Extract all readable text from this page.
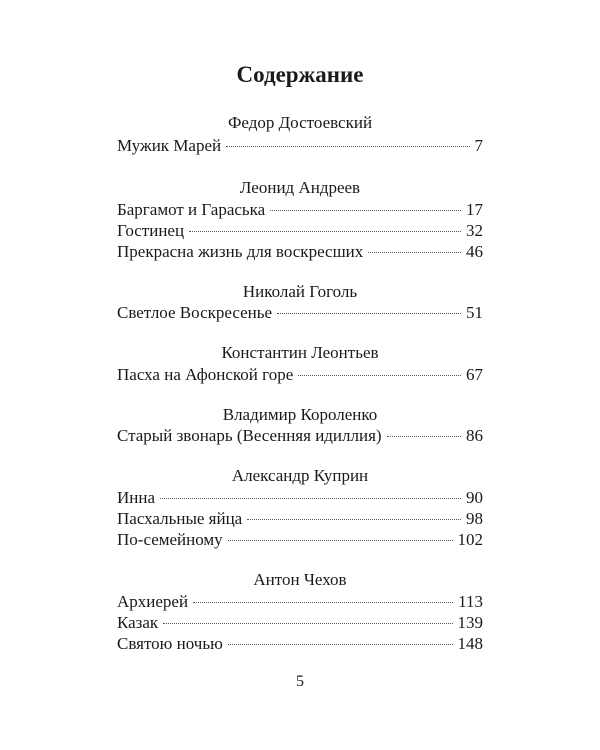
Содержание
Федор Достоевский
Мужик Марей	7
Леонид Андреев
Баргамот и Гараська	17
Гостинец	32
Прекрасна жизнь для воскресших	46
Николай Гоголь
Светлое Воскресенье	51
Константин Леонтьев
Пасха на Афонской горе	67
Владимир Короленко
Старый звонарь (Весенняя идиллия)	86
Александр Куприн
Инна	90
Пасхальные яйца	98
По-семейному	102
Антон Чехов
Архиерей	113
Казак	139
Святою ночью	148
5
